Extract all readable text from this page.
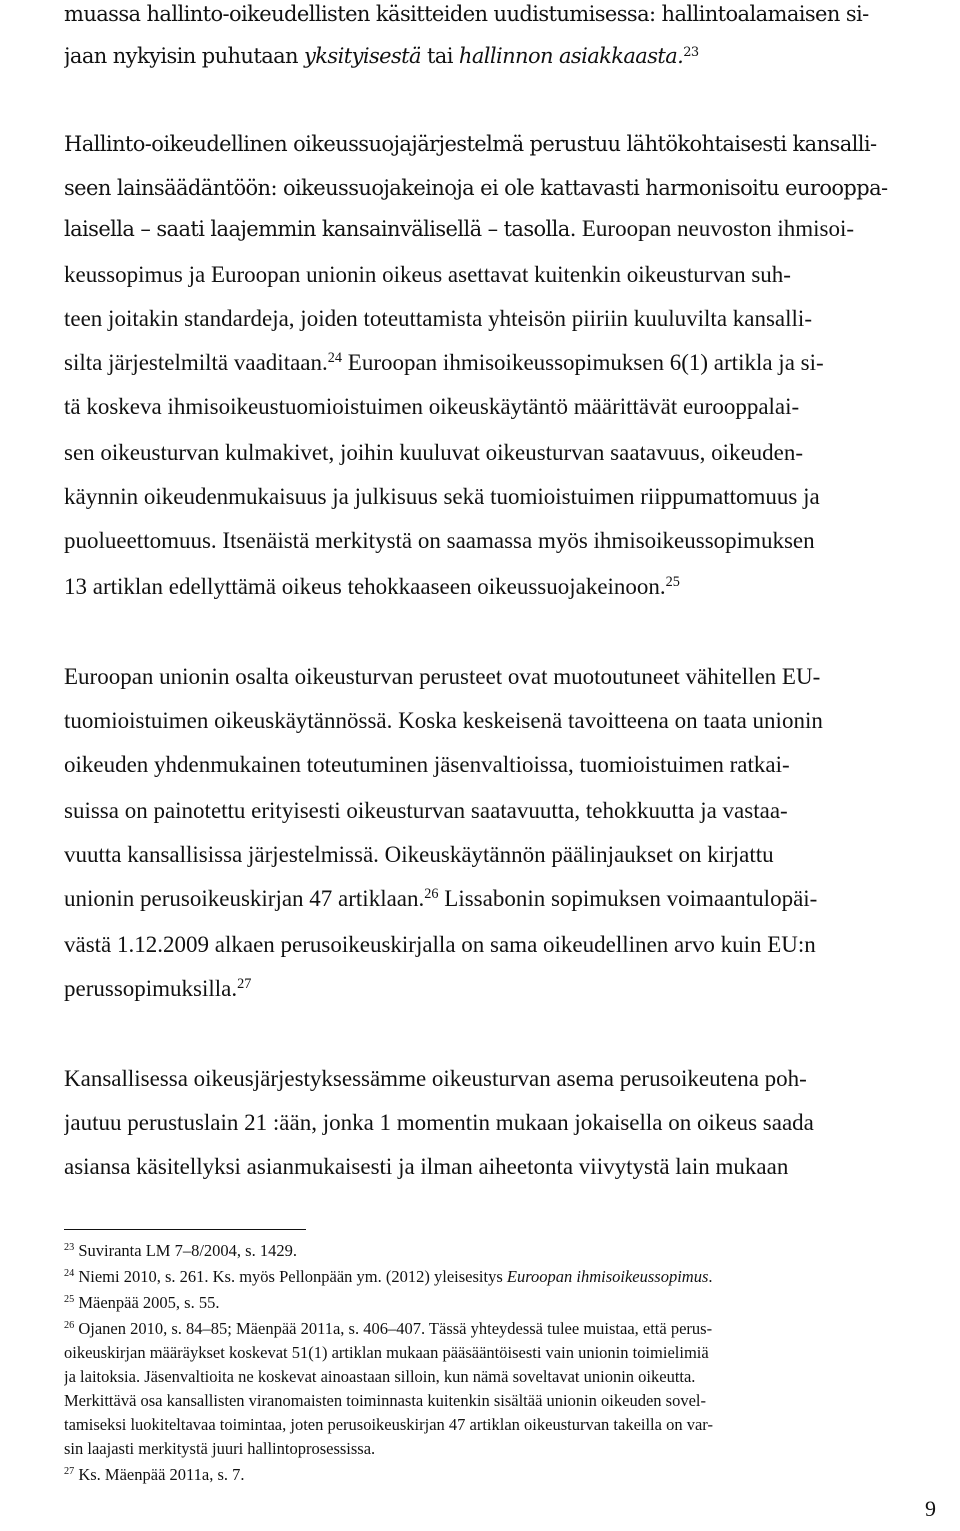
muassa hallinto-oikeudellisten käsitteiden uudistumisessa: hallintoalamaisen si-
jaan nykyisin puhutaan yksityisestä tai hallinnon asiakkaasta.$^{23}$
Hallinto-oikeudellinen oikeussuojajärjestelmä perustuu lähtökohtaisesti kansalli-
seen lainsäädäntöön: oikeussuojakeinoja ei ole kattavasti harmonisoitu eurooppa-
laisella – saati laajemmin kansainvälisellä – tasolla. Euroopan neuvoston ihmisoi-
keussopimus ja Euroopan unionin oikeus asettavat kuitenkin oikeusturvan suh-
teen joitakin standardeja, joiden toteuttamista yhteisön piiriin kuuluvilta kansalli-
silta järjestelmiltä vaaditaan.$^{24}$ Euroopan ihmisoikeussopimuksen 6(1) artikla ja si-
tä koskeva ihmisoikeustuomioistuimen oikeuskäytäntö määrittävät eurooppalai-
sen oikeusturvan kulmakivet, joihin kuuluvat oikeusturvan saatavuus, oikeuden-
käynnin oikeudenmukaisuus ja julkisuus sekä tuomioistuimen riippumattomuus ja
puolueettomuus. Itsenäistä merkitystä on saamassa myös ihmisoikeussopimuksen
13 artiklan edellyttämä oikeus tehokkaaseen oikeussuojakeinoon.$^{25}$
Euroopan unionin osalta oikeusturvan perusteet ovat muotoutuneet vähitellen EU-
tuomioistuimen oikeuskäytännössä. Koska keskeisenä tavoitteena on taata unionin
oikeuden yhdenmukainen toteutuminen jäsenvaltioissa, tuomioistuimen ratkai-
suissa on painotettu erityisesti oikeusturvan saatavuutta, tehokkuutta ja vastaa-
vuutta kansallisissa järjestelmissä. Oikeuskäytännön päälinjaukset on kirjattu
unionin perusoikeuskirjan 47 artiklaan.$^{26}$ Lissabonin sopimuksen voimaantulopäi-
västä 1.12.2009 alkaen perusoikeuskirjalla on sama oikeudellinen arvo kuin EU:n
perussopimuksilla.$^{27}$
Kansallisessa oikeusjärjestyksessämme oikeusturvan asema perusoikeutena poh-
jautuu perustuslain 21 :ään, jonka 1 momentin mukaan jokaisella on oikeus saada
asiansa käsitellyksi asianmukaisesti ja ilman aiheetonta viivytystä lain mukaan
$^{23}$ Suviranta LM 7–8/2004, s. 1429.
$^{24}$ Niemi 2010, s. 261. Ks. myös Pellonpään ym. (2012) yleisesitys Euroopan ihmisoikeussopimus.
$^{25}$ Mäenpää 2005, s. 55.
$^{26}$ Ojanen 2010, s. 84–85; Mäenpää 2011a, s. 406–407. Tässä yhteydessä tulee muistaa, että perus-
oikeuskirjan määräykset koskevat 51(1) artiklan mukaan pääsääntöisesti vain unionin toimielimiä
ja laitoksia. Jäsenvaltioita ne koskevat ainoastaan silloin, kun nämä soveltavat unionin oikeutta.
Merkittävä osa kansallisten viranomaisten toiminnasta kuitenkin sisältää unionin oikeuden sovel-
tamiseksi luokiteltavaa toimintaa, joten perusoikeuskirjan 47 artiklan oikeusturvan takeilla on var-
sin laajasti merkitystä juuri hallintoprosessissa.
$^{27}$ Ks. Mäenpää 2011a, s. 7.
9
